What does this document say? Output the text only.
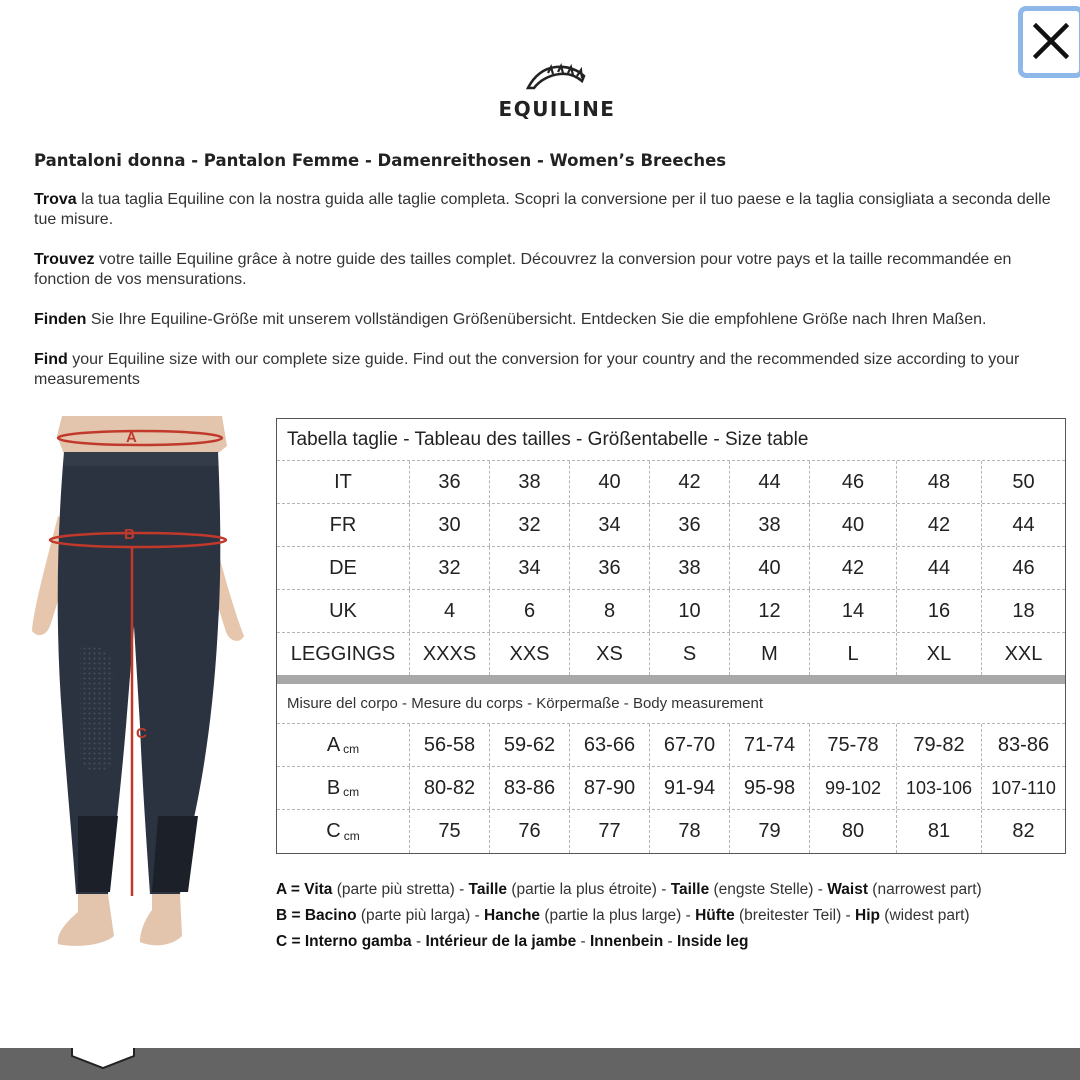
EQUILINE
Pantaloni donna - Pantalon Femme - Damenreithosen - Women’s Breeches
Trova la tua taglia Equiline con la nostra guida alle taglie completa. Scopri la conversione per il tuo paese e la taglia consigliata a seconda delle tue misure.
Trouvez votre taille Equiline grâce à notre guide des tailles complet. Découvrez la conversion pour votre pays et la taille recommandée en fonction de vos mensurations.
Finden Sie Ihre Equiline-Größe mit unserem vollständigen Größenübersicht. Entdecken Sie die empfohlene Größe nach Ihren Maßen.
Find your Equiline size with our complete size guide. Find out the conversion for your country and the recommended size according to your measurements
A
B
C
Tabella taglie - Tableau des tailles - Größentabelle - Size table
IT	36	38	40	42	44	46	48	50
FR	30	32	34	36	38	40	42	44
DE	32	34	36	38	40	42	44	46
UK	4	6	8	10	12	14	16	18
LEGGINGS	XXXS	XXS	XS	S	M	L	XL	XXL
Misure del corpo - Mesure du corps - Körpermaße - Body measurement
A cm	56-58	59-62	63-66	67-70	71-74	75-78	79-82	83-86
B cm	80-82	83-86	87-90	91-94	95-98	99-102	103-106	107-110
C cm	75	76	77	78	79	80	81	82
A = Vita (parte più stretta) - Taille (partie la plus étroite) - Taille (engste Stelle) - Waist (narrowest part)
B = Bacino (parte più larga) - Hanche (partie la plus large) - Hüfte (breitester Teil) - Hip (widest part)
C = Interno gamba - Intérieur de la jambe - Innenbein - Inside leg
